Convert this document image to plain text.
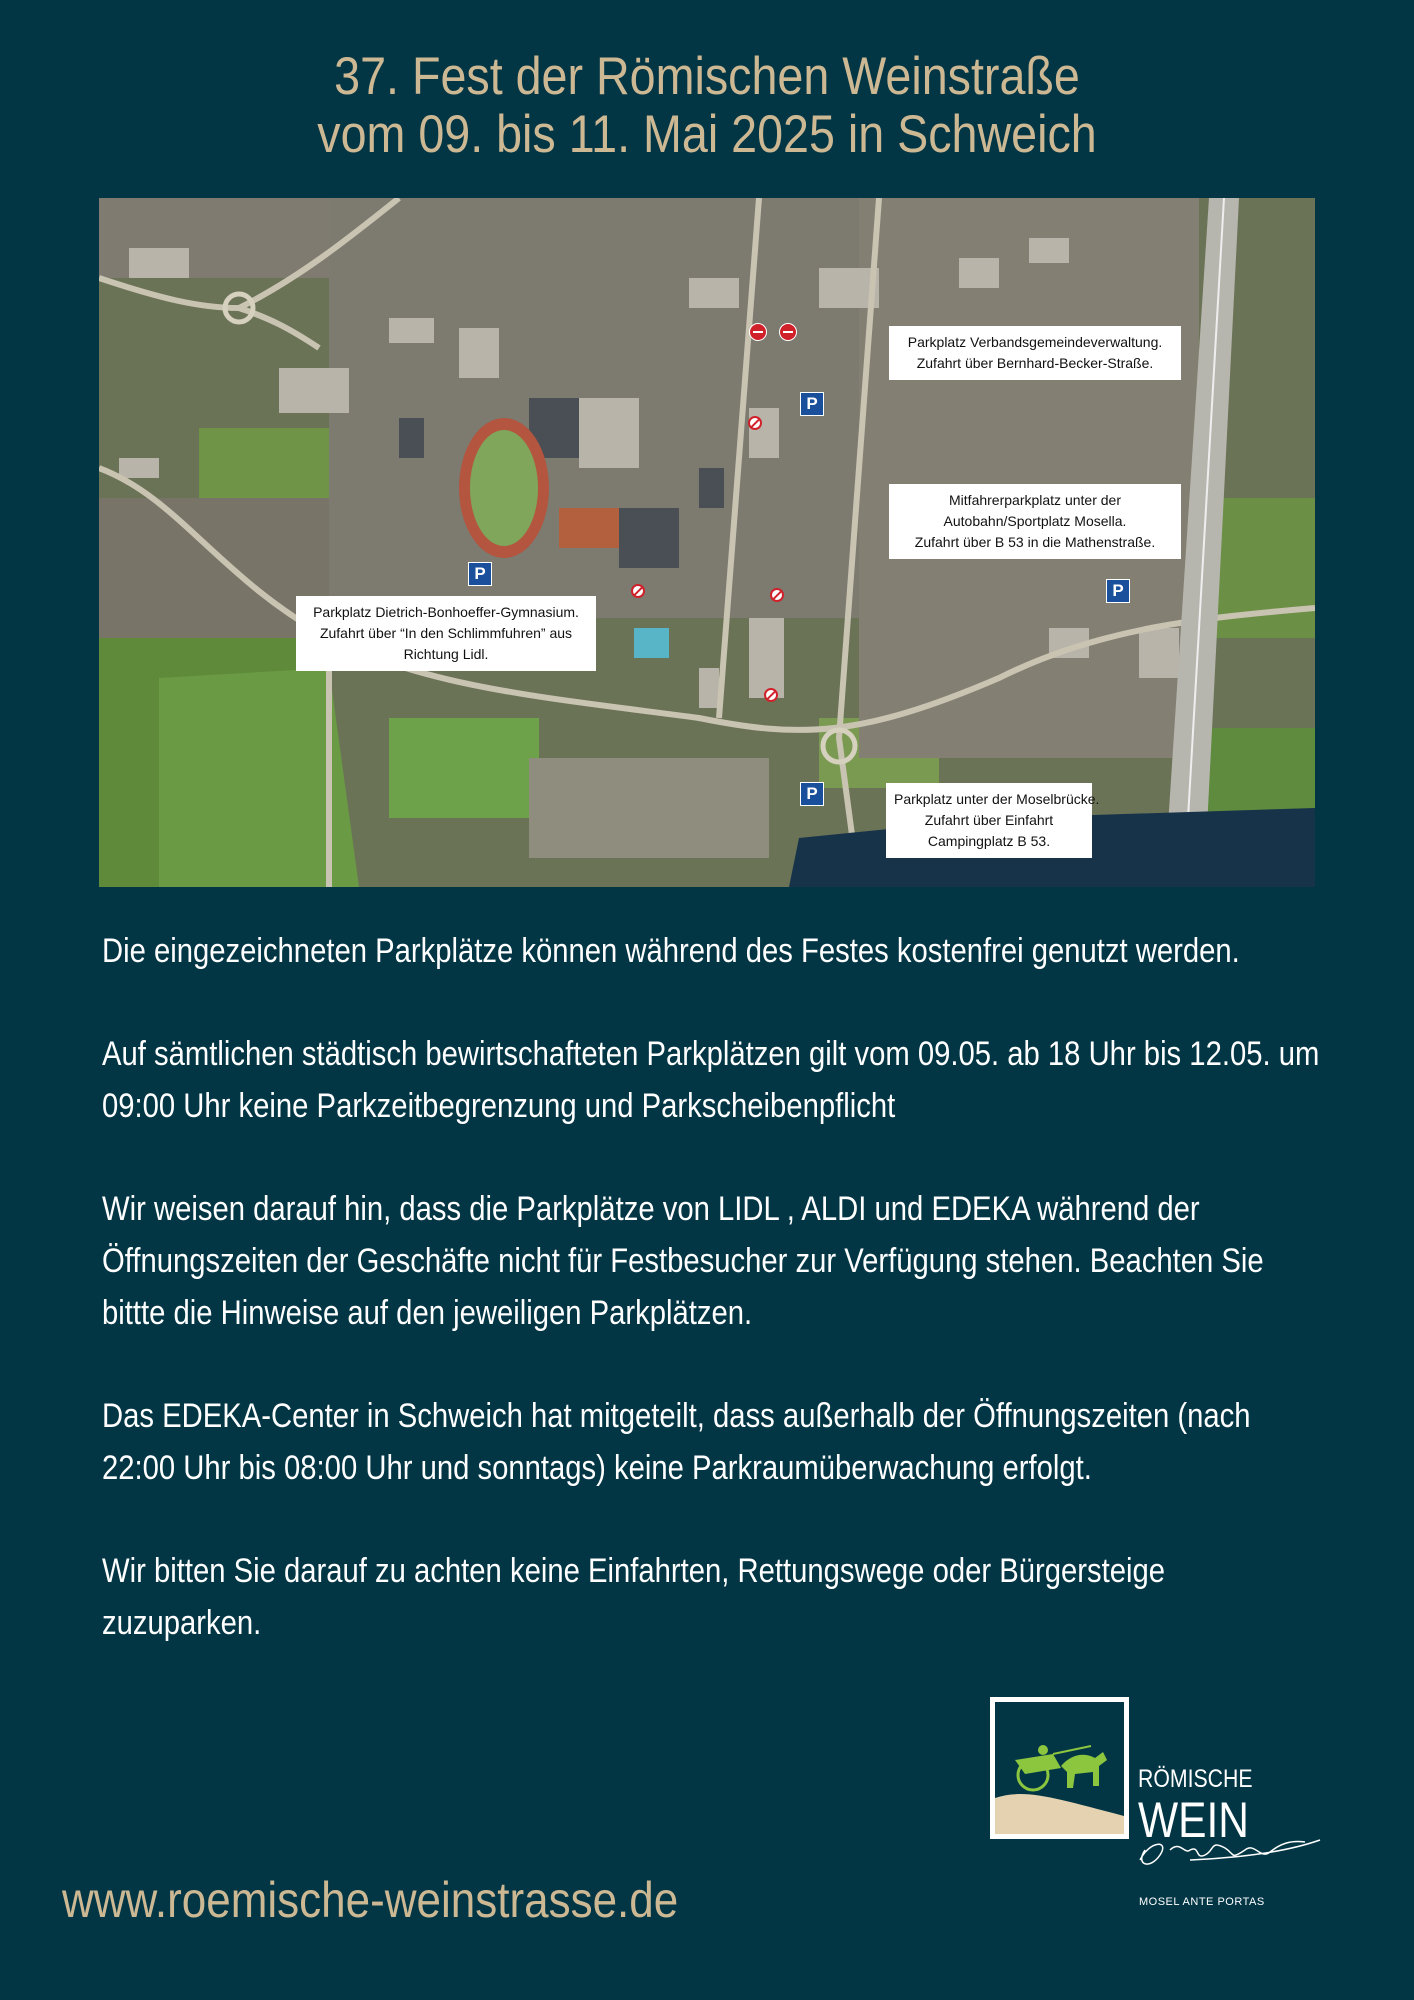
37. Fest der Römischen Weinstraße
vom 09. bis 11. Mai 2025 in Schweich
Parkplatz Verbandsgemeindeverwaltung.
Zufahrt über Bernhard-Becker-Straße.
Mitfahrerparkplatz unter der
Autobahn/Sportplatz Mosella.
Zufahrt über B 53 in die Mathenstraße.
Parkplatz Dietrich-Bonhoeffer-Gymnasium.
Zufahrt über “In den Schlimmfuhren” aus
Richtung Lidl.
Parkplatz unter der Moselbrücke.
Zufahrt über Einfahrt
Campingplatz B 53.
P
P
P
P

Die eingezeichneten Parkplätze können während des Festes kostenfrei genutzt werden.

Auf sämtlichen städtisch bewirtschafteten Parkplätzen gilt vom 09.05. ab 18 Uhr bis 12.05. um 09:00 Uhr keine Parkzeitbegrenzung und Parkscheibenpflicht

Wir weisen darauf hin, dass die Parkplätze von LIDL , ALDI und EDEKA während der Öffnungszeiten der Geschäfte nicht für Festbesucher zur Verfügung stehen. Beachten Sie bittte die Hinweise auf den jeweiligen Parkplätzen.

Das EDEKA-Center in Schweich hat mitgeteilt, dass außerhalb der Öffnungszeiten (nach 22:00 Uhr bis 08:00 Uhr und sonntags) keine Parkraumüberwachung erfolgt.

Wir bitten Sie darauf zu achten keine Einfahrten, Rettungswege oder Bürgersteige zuzuparken.

www.roemische-weinstrasse.de
RÖMISCHE
WEIN
MOSEL ANTE PORTAS
